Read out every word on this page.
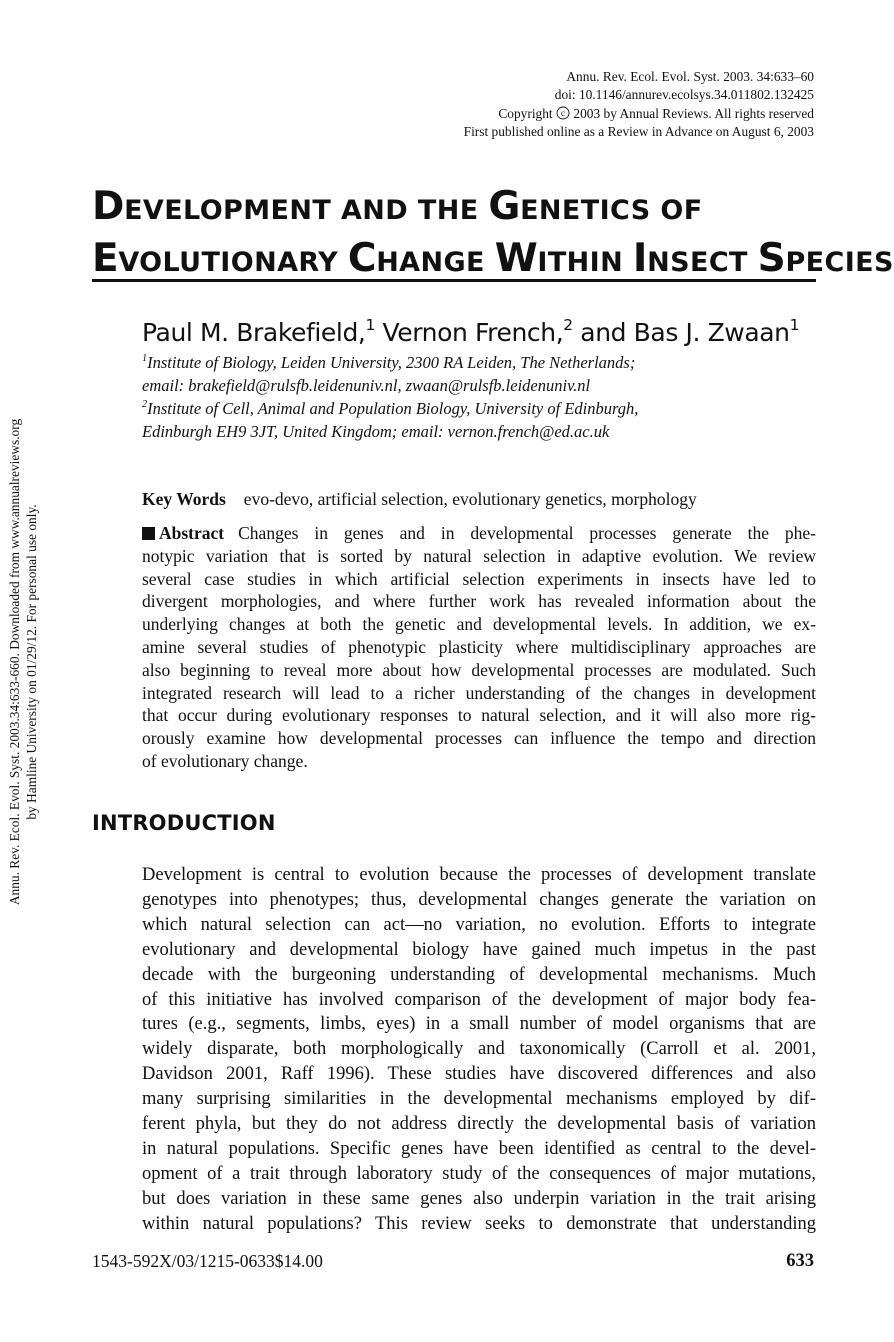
Annu. Rev. Ecol. Evol. Syst. 2003.34:633-660. Downloaded from www.annualreviews.org by Hamline University on 01/29/12. For personal use only.
Annu. Rev. Ecol. Evol. Syst. 2003. 34:633–60
doi: 10.1146/annurev.ecolsys.34.011802.132425
Copyright c 2003 by Annual Reviews. All rights reserved
First published online as a Review in Advance on August 6, 2003
DEVELOPMENT AND THE GENETICS OF
EVOLUTIONARY CHANGE WITHIN INSECT SPECIES
Paul M. Brakefield,$^1$ Vernon French,$^2$ and Bas J. Zwaan$^1$
$^1$Institute of Biology, Leiden University, 2300 RA Leiden, The Netherlands;
email: brakefield@rulsfb.leidenuniv.nl, zwaan@rulsfb.leidenuniv.nl
$^2$Institute of Cell, Animal and Population Biology, University of Edinburgh,
Edinburgh EH9 3JT, United Kingdom; email: vernon.french@ed.ac.uk
Key Words evo-devo, artificial selection, evolutionary genetics, morphology
Abstract Changes in genes and in developmental processes generate the phe-
notypic variation that is sorted by natural selection in adaptive evolution. We review
several case studies in which artificial selection experiments in insects have led to
divergent morphologies, and where further work has revealed information about the
underlying changes at both the genetic and developmental levels. In addition, we ex-
amine several studies of phenotypic plasticity where multidisciplinary approaches are
also beginning to reveal more about how developmental processes are modulated. Such
integrated research will lead to a richer understanding of the changes in development
that occur during evolutionary responses to natural selection, and it will also more rig-
orously examine how developmental processes can influence the tempo and direction
of evolutionary change.
INTRODUCTION
Development is central to evolution because the processes of development translate
genotypes into phenotypes; thus, developmental changes generate the variation on
which natural selection can act—no variation, no evolution. Efforts to integrate
evolutionary and developmental biology have gained much impetus in the past
decade with the burgeoning understanding of developmental mechanisms. Much
of this initiative has involved comparison of the development of major body fea-
tures (e.g., segments, limbs, eyes) in a small number of model organisms that are
widely disparate, both morphologically and taxonomically (Carroll et al. 2001,
Davidson 2001, Raff 1996). These studies have discovered differences and also
many surprising similarities in the developmental mechanisms employed by dif-
ferent phyla, but they do not address directly the developmental basis of variation
in natural populations. Specific genes have been identified as central to the devel-
opment of a trait through laboratory study of the consequences of major mutations,
but does variation in these same genes also underpin variation in the trait arising
within natural populations? This review seeks to demonstrate that understanding
1543-592X/03/1215-0633$14.00	633
